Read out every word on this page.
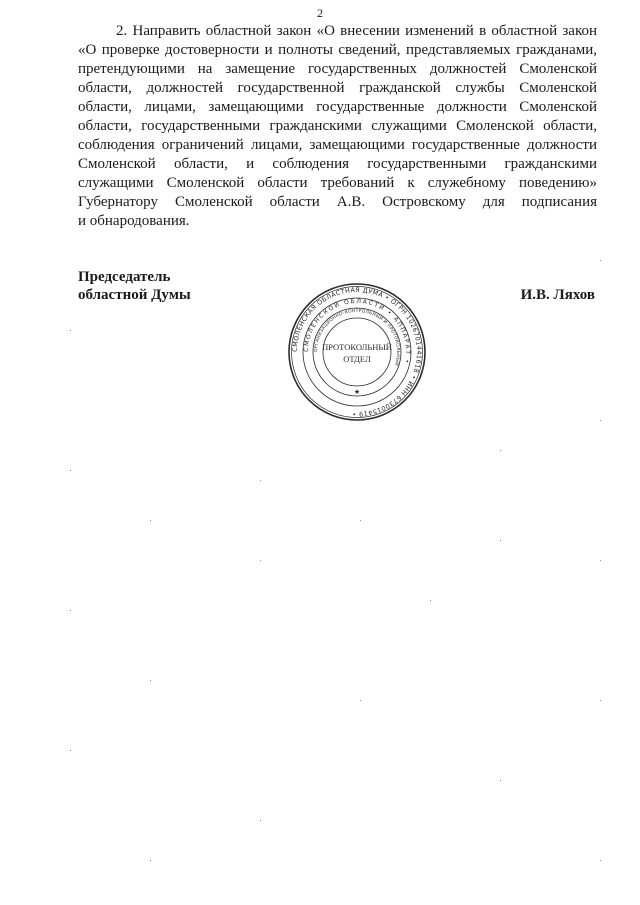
2

2. Направить областной закон «О внесении изменений в областной закон
«О проверке достоверности и полноты сведений, представляемых гражданами,
претендующими на замещение государственных должностей Смоленской
области, должностей государственной гражданской службы Смоленской
области, лицами, замещающими государственные должности Смоленской
области, государственными гражданскими служащими Смоленской области,
соблюдения ограничений лицами, замещающими государственные должности
Смоленской области, и соблюдения государственными гражданскими
служащими Смоленской области требований к служебному поведению»
Губернатору Смоленской области А.В. Островскому для подписания
и обнародования.

Председатель
областной Думы	И.В. Ляхов
СМОЛЕНСКАЯ ОБЛАСТНАЯ ДУМА • ОГРН 1026701441618 • ИНН 6730015419 •
СМОЛЕНСКОЙ ОБЛАСТИ • АППАРАТ •
ОРГАНИЗАЦИОННО-КОНТРОЛЬНЫЙ И ПРОТОКОЛЬНЫЙ
ПРОТОКОЛЬНЫЙ
ОТДЕЛ
★
